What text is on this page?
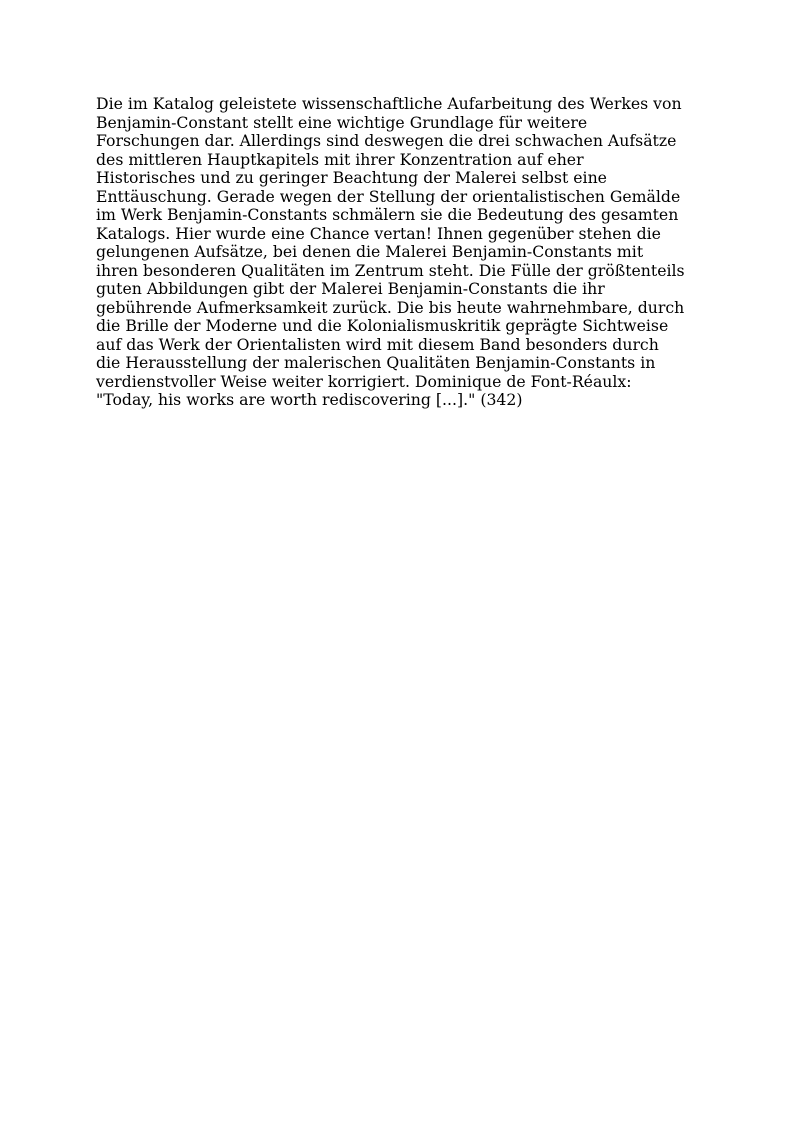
Die im Katalog geleistete wissenschaftliche Aufarbeitung des Werkes von
Benjamin-Constant stellt eine wichtige Grundlage für weitere
Forschungen dar. Allerdings sind deswegen die drei schwachen Aufsätze
des mittleren Hauptkapitels mit ihrer Konzentration auf eher
Historisches und zu geringer Beachtung der Malerei selbst eine
Enttäuschung. Gerade wegen der Stellung der orientalistischen Gemälde
im Werk Benjamin-Constants schmälern sie die Bedeutung des gesamten
Katalogs. Hier wurde eine Chance vertan! Ihnen gegenüber stehen die
gelungenen Aufsätze, bei denen die Malerei Benjamin-Constants mit
ihren besonderen Qualitäten im Zentrum steht. Die Fülle der größtenteils
guten Abbildungen gibt der Malerei Benjamin-Constants die ihr
gebührende Aufmerksamkeit zurück. Die bis heute wahrnehmbare, durch
die Brille der Moderne und die Kolonialismuskritik geprägte Sichtweise
auf das Werk der Orientalisten wird mit diesem Band besonders durch
die Herausstellung der malerischen Qualitäten Benjamin-Constants in
verdienstvoller Weise weiter korrigiert. Dominique de Font-Réaulx:
"Today, his works are worth rediscovering [...]." (342)
